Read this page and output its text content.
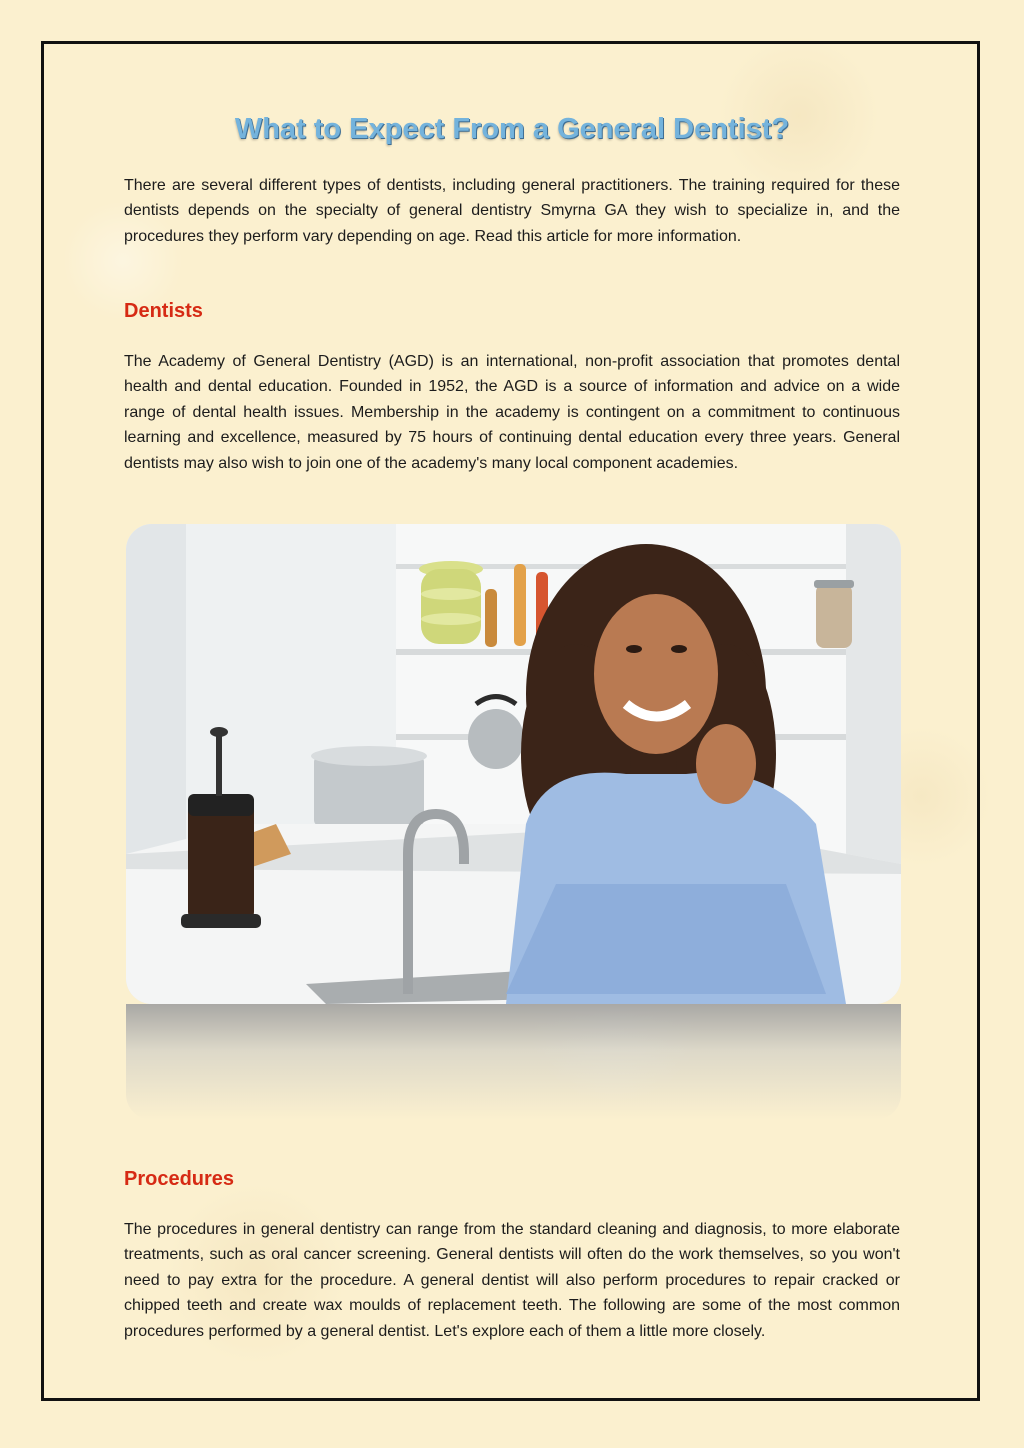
What to Expect From a General Dentist?

There are several different types of dentists, including general practitioners. The training required for these dentists depends on the specialty of general dentistry Smyrna GA they wish to specialize in, and the procedures they perform vary depending on age. Read this article for more information.

Dentists

The Academy of General Dentistry (AGD) is an international, non-profit association that promotes dental health and dental education. Founded in 1952, the AGD is a source of information and advice on a wide range of dental health issues. Membership in the academy is contingent on a commitment to continuous learning and excellence, measured by 75 hours of continuing dental education every three years. General dentists may also wish to join one of the academy's many local component academies.

Procedures

The procedures in general dentistry can range from the standard cleaning and diagnosis, to more elaborate treatments, such as oral cancer screening. General dentists will often do the work themselves, so you won't need to pay extra for the procedure. A general dentist will also perform procedures to repair cracked or chipped teeth and create wax moulds of replacement teeth. The following are some of the most common procedures performed by a general dentist. Let's explore each of them a little more closely.
